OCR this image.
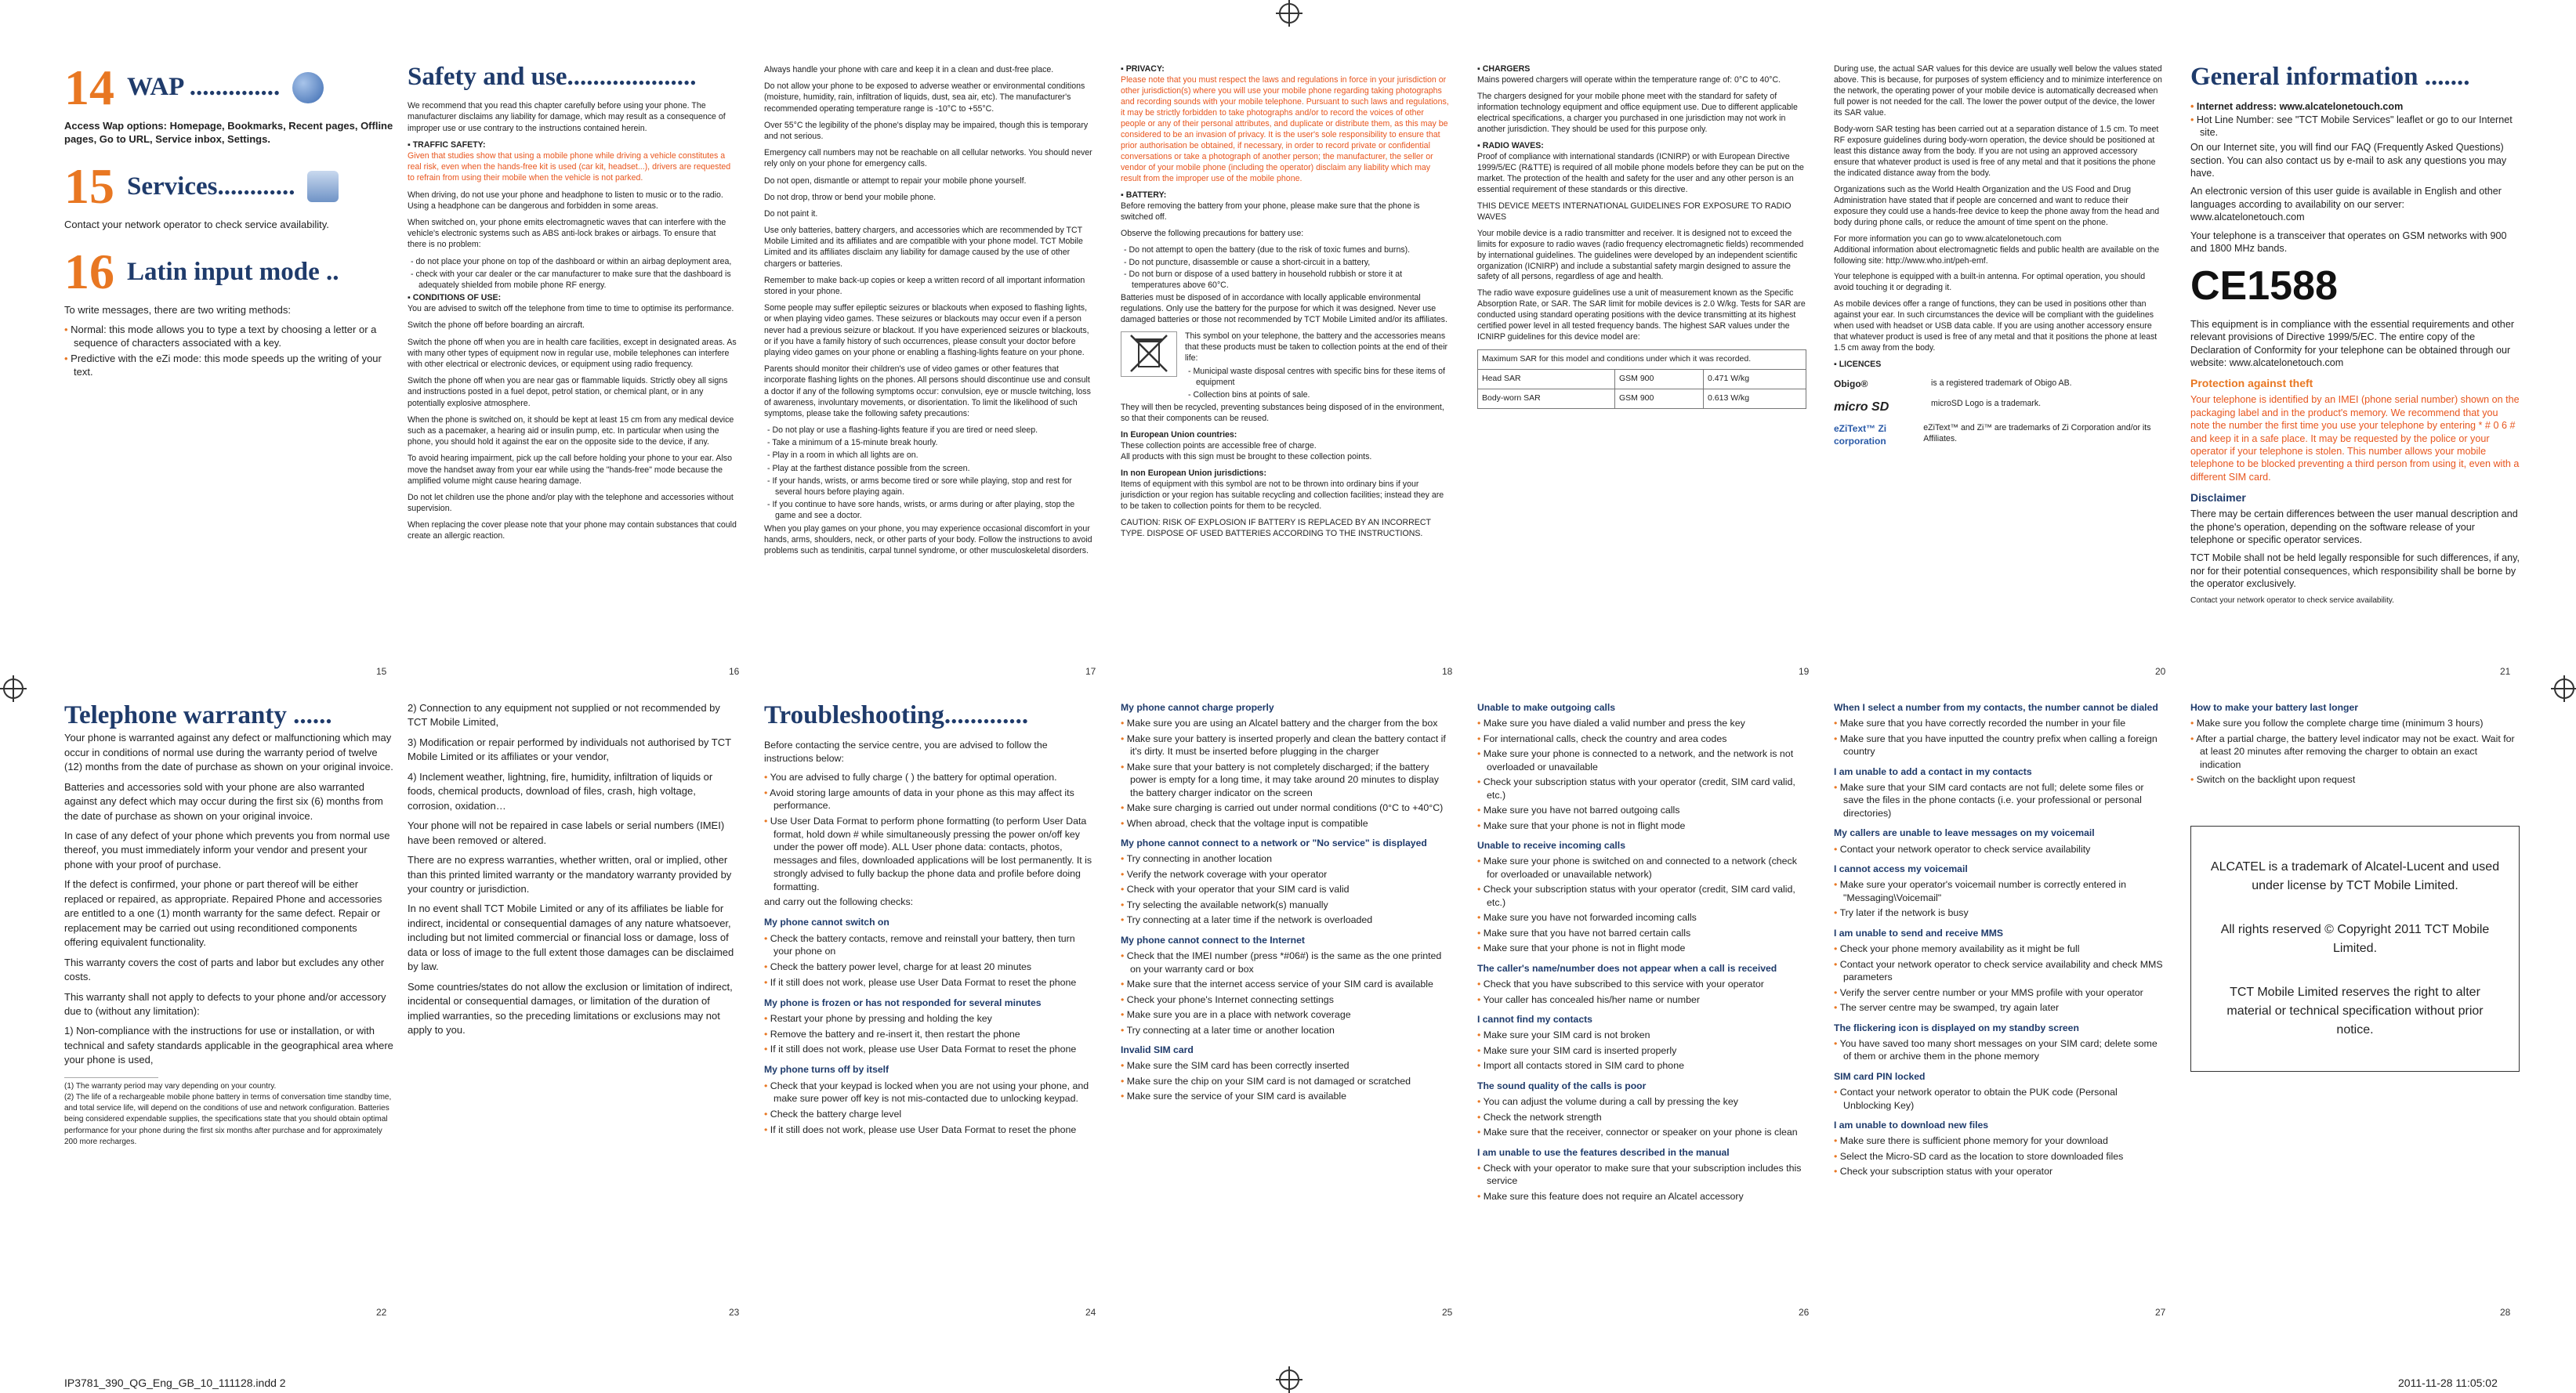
14 WAP ..............

Access Wap options: Homepage, Bookmarks, Recent pages, Offline pages, Go to URL, Service inbox, Settings.

15 Services............

Contact your network operator to check service availability.

16 Latin input mode ..

To write messages, there are two writing methods:

• Normal: this mode allows you to type a text by choosing a letter or a sequence of characters associated with a key.

• Predictive with the eZi mode: this mode speeds up the writing of your text.

15
Safety and use....................

We recommend that you read this chapter carefully before using your phone. The manufacturer disclaims any liability for damage, which may result as a consequence of improper use or use contrary to the instructions contained herein.

▪ TRAFFIC SAFETY:

Given that studies show that using a mobile phone while driving a vehicle constitutes a real risk, even when the hands-free kit is used (car kit, headset...), drivers are requested to refrain from using their mobile when the vehicle is not parked.

When driving, do not use your phone and headphone to listen to music or to the radio. Using a headphone can be dangerous and forbidden in some areas.

When switched on, your phone emits electromagnetic waves that can interfere with the vehicle's electronic systems such as ABS anti-lock brakes or airbags. To ensure that there is no problem:

- do not place your phone on top of the dashboard or within an airbag deployment area,

- check with your car dealer or the car manufacturer to make sure that the dashboard is adequately shielded from mobile phone RF energy.

▪ CONDITIONS OF USE:

You are advised to switch off the telephone from time to time to optimise its performance.

Switch the phone off before boarding an aircraft.

Switch the phone off when you are in health care facilities, except in designated areas. As with many other types of equipment now in regular use, mobile telephones can interfere with other electrical or electronic devices, or equipment using radio frequency.

Switch the phone off when you are near gas or flammable liquids. Strictly obey all signs and instructions posted in a fuel depot, petrol station, or chemical plant, or in any potentially explosive atmosphere.

When the phone is switched on, it should be kept at least 15 cm from any medical device such as a pacemaker, a hearing aid or insulin pump, etc. In particular when using the phone, you should hold it against the ear on the opposite side to the device, if any.

To avoid hearing impairment, pick up the call before holding your phone to your ear. Also move the handset away from your ear while using the "hands-free" mode because the amplified volume might cause hearing damage.

Do not let children use the phone and/or play with the telephone and accessories without supervision.

When replacing the cover please note that your phone may contain substances that could create an allergic reaction.

16

Always handle your phone with care and keep it in a clean and dust-free place.

Do not allow your phone to be exposed to adverse weather or environmental conditions (moisture, humidity, rain, infiltration of liquids, dust, sea air, etc). The manufacturer's recommended operating temperature range is -10°C to +55°C.

Over 55°C the legibility of the phone's display may be impaired, though this is temporary and not serious.

Emergency call numbers may not be reachable on all cellular networks. You should never rely only on your phone for emergency calls.

Do not open, dismantle or attempt to repair your mobile phone yourself.

Do not drop, throw or bend your mobile phone.

Do not paint it.

Use only batteries, battery chargers, and accessories which are recommended by TCT Mobile Limited and its affiliates and are compatible with your phone model. TCT Mobile Limited and its affiliates disclaim any liability for damage caused by the use of other chargers or batteries.

Remember to make back-up copies or keep a written record of all important information stored in your phone.

Some people may suffer epileptic seizures or blackouts when exposed to flashing lights, or when playing video games. These seizures or blackouts may occur even if a person never had a previous seizure or blackout. If you have experienced seizures or blackouts, or if you have a family history of such occurrences, please consult your doctor before playing video games on your phone or enabling a flashing-lights feature on your phone.

Parents should monitor their children's use of video games or other features that incorporate flashing lights on the phones. All persons should discontinue use and consult a doctor if any of the following symptoms occur: convulsion, eye or muscle twitching, loss of awareness, involuntary movements, or disorientation. To limit the likelihood of such symptoms, please take the following safety precautions:

- Do not play or use a flashing-lights feature if you are tired or need sleep.

- Take a minimum of a 15-minute break hourly.

- Play in a room in which all lights are on.

- Play at the farthest distance possible from the screen.

- If your hands, wrists, or arms become tired or sore while playing, stop and rest for several hours before playing again.

- If you continue to have sore hands, wrists, or arms during or after playing, stop the game and see a doctor.

When you play games on your phone, you may experience occasional discomfort in your hands, arms, shoulders, neck, or other parts of your body. Follow the instructions to avoid problems such as tendinitis, carpal tunnel syndrome, or other musculoskeletal disorders.

17

▪ PRIVACY:

Please note that you must respect the laws and regulations in force in your jurisdiction or other jurisdiction(s) where you will use your mobile phone regarding taking photographs and recording sounds with your mobile telephone. Pursuant to such laws and regulations, it may be strictly forbidden to take photographs and/or to record the voices of other people or any of their personal attributes, and duplicate or distribute them, as this may be considered to be an invasion of privacy. It is the user's sole responsibility to ensure that prior authorisation be obtained, if necessary, in order to record private or confidential conversations or take a photograph of another person; the manufacturer, the seller or vendor of your mobile phone (including the operator) disclaim any liability which may result from the improper use of the mobile phone.

▪ BATTERY:

Before removing the battery from your phone, please make sure that the phone is switched off.

Observe the following precautions for battery use:

- Do not attempt to open the battery (due to the risk of toxic fumes and burns).

- Do not puncture, disassemble or cause a short-circuit in a battery,

- Do not burn or dispose of a used battery in household rubbish or store it at temperatures above 60°C.

Batteries must be disposed of in accordance with locally applicable environmental regulations. Only use the battery for the purpose for which it was designed. Never use damaged batteries or those not recommended by TCT Mobile Limited and/or its affiliates.

This symbol on your telephone, the battery and the accessories means that these products must be taken to collection points at the end of their life:

- Municipal waste disposal centres with specific bins for these items of equipment

- Collection bins at points of sale.

They will then be recycled, preventing substances being disposed of in the environment, so that their components can be reused.

In European Union countries:

These collection points are accessible free of charge.

All products with this sign must be brought to these collection points.

In non European Union jurisdictions:

Items of equipment with this symbol are not to be thrown into ordinary bins if your jurisdiction or your region has suitable recycling and collection facilities; instead they are to be taken to collection points for them to be recycled.

CAUTION: RISK OF EXPLOSION IF BATTERY IS REPLACED BY AN INCORRECT TYPE. DISPOSE OF USED BATTERIES ACCORDING TO THE INSTRUCTIONS.

18

▪ CHARGERS

Mains powered chargers will operate within the temperature range of: 0°C to 40°C.

The chargers designed for your mobile phone meet with the standard for safety of information technology equipment and office equipment use. Due to different applicable electrical specifications, a charger you purchased in one jurisdiction may not work in another jurisdiction. They should be used for this purpose only.

▪ RADIO WAVES:

Proof of compliance with international standards (ICNIRP) or with European Directive 1999/5/EC (R&TTE) is required of all mobile phone models before they can be put on the market. The protection of the health and safety for the user and any other person is an essential requirement of these standards or this directive.

THIS DEVICE MEETS INTERNATIONAL GUIDELINES FOR EXPOSURE TO RADIO WAVES

Your mobile device is a radio transmitter and receiver. It is designed not to exceed the limits for exposure to radio waves (radio frequency electromagnetic fields) recommended by international guidelines. The guidelines were developed by an independent scientific organization (ICNIRP) and include a substantial safety margin designed to assure the safety of all persons, regardless of age and health.

The radio wave exposure guidelines use a unit of measurement known as the Specific Absorption Rate, or SAR. The SAR limit for mobile devices is 2.0 W/kg. Tests for SAR are conducted using standard operating positions with the device transmitting at its highest certified power level in all tested frequency bands. The highest SAR values under the ICNIRP guidelines for this device model are:

Maximum SAR for this model and conditions under which it was recorded.		
Head SAR	GSM 900	0.471 W/kg
Body-worn SAR	GSM 900	0.613 W/kg
19

During use, the actual SAR values for this device are usually well below the values stated above. This is because, for purposes of system efficiency and to minimize interference on the network, the operating power of your mobile device is automatically decreased when full power is not needed for the call. The lower the power output of the device, the lower its SAR value.

Body-worn SAR testing has been carried out at a separation distance of 1.5 cm. To meet RF exposure guidelines during body-worn operation, the device should be positioned at least this distance away from the body. If you are not using an approved accessory ensure that whatever product is used is free of any metal and that it positions the phone the indicated distance away from the body.

Organizations such as the World Health Organization and the US Food and Drug Administration have stated that if people are concerned and want to reduce their exposure they could use a hands-free device to keep the phone away from the head and body during phone calls, or reduce the amount of time spent on the phone.

For more information you can go to www.alcatelonetouch.com

Additional information about electromagnetic fields and public health are available on the following site: http://www.who.int/peh-emf.

Your telephone is equipped with a built-in antenna. For optimal operation, you should avoid touching it or degrading it.

As mobile devices offer a range of functions, they can be used in positions other than against your ear. In such circumstances the device will be compliant with the guidelines when used with headset or USB data cable. If you are using another accessory ensure that whatever product is used is free of any metal and that it positions the phone at least 1.5 cm away from the body.

▪ LICENCES

Obigo®	is a registered trademark of Obigo AB.
micro SD	microSD Logo is a trademark.
eZiText™ Zi corporation
eZiText™ and Zi™ are trademarks of Zi Corporation and/or its Affiliates.
20
General information .......

• Internet address: www.alcatelonetouch.com

• Hot Line Number: see "TCT Mobile Services" leaflet or go to our Internet site.

On our Internet site, you will find our FAQ (Frequently Asked Questions) section. You can also contact us by e-mail to ask any questions you may have.

An electronic version of this user guide is available in English and other languages according to availability on our server: www.alcatelonetouch.com

Your telephone is a transceiver that operates on GSM networks with 900 and 1800 MHz bands.

CE1588

This equipment is in compliance with the essential requirements and other relevant provisions of Directive 1999/5/EC. The entire copy of the Declaration of Conformity for your telephone can be obtained through our website: www.alcatelonetouch.com

Protection against theft

Your telephone is identified by an IMEI (phone serial number) shown on the packaging label and in the product's memory. We recommend that you note the number the first time you use your telephone by entering * # 0 6 # and keep it in a safe place. It may be requested by the police or your operator if your telephone is stolen. This number allows your mobile telephone to be blocked preventing a third person from using it, even with a different SIM card.

Disclaimer

There may be certain differences between the user manual description and the phone's operation, depending on the software release of your telephone or specific operator services.

TCT Mobile shall not be held legally responsible for such differences, if any, nor for their potential consequences, which responsibility shall be borne by the operator exclusively.

Contact your network operator to check service availability.

21
Telephone warranty ......

Your phone is warranted against any defect or malfunctioning which may occur in conditions of normal use during the warranty period of twelve (12) months from the date of purchase as shown on your original invoice.

Batteries and accessories sold with your phone are also warranted against any defect which may occur during the first six (6) months from the date of purchase as shown on your original invoice.

In case of any defect of your phone which prevents you from normal use thereof, you must immediately inform your vendor and present your phone with your proof of purchase.

If the defect is confirmed, your phone or part thereof will be either replaced or repaired, as appropriate. Repaired Phone and accessories are entitled to a one (1) month warranty for the same defect. Repair or replacement may be carried out using reconditioned components offering equivalent functionality.

This warranty covers the cost of parts and labor but excludes any other costs.

This warranty shall not apply to defects to your phone and/or accessory due to (without any limitation):

1) Non-compliance with the instructions for use or installation, or with technical and safety standards applicable in the geographical area where your phone is used,

(1) The warranty period may vary depending on your country.

(2) The life of a rechargeable mobile phone battery in terms of conversation time standby time, and total service life, will depend on the conditions of use and network configuration. Batteries being considered expendable supplies, the specifications state that you should obtain optimal performance for your phone during the first six months after purchase and for approximately 200 more recharges.

22

2) Connection to any equipment not supplied or not recommended by TCT Mobile Limited,

3) Modification or repair performed by individuals not authorised by TCT Mobile Limited or its affiliates or your vendor,

4) Inclement weather, lightning, fire, humidity, infiltration of liquids or foods, chemical products, download of files, crash, high voltage, corrosion, oxidation…

Your phone will not be repaired in case labels or serial numbers (IMEI) have been removed or altered.

There are no express warranties, whether written, oral or implied, other than this printed limited warranty or the mandatory warranty provided by your country or jurisdiction.

In no event shall TCT Mobile Limited or any of its affiliates be liable for indirect, incidental or consequential damages of any nature whatsoever, including but not limited commercial or financial loss or damage, loss of data or loss of image to the full extent those damages can be disclaimed by law.

Some countries/states do not allow the exclusion or limitation of indirect, incidental or consequential damages, or limitation of the duration of implied warranties, so the preceding limitations or exclusions may not apply to you.

23
Troubleshooting.............

Before contacting the service centre, you are advised to follow the instructions below:

• You are advised to fully charge ( ) the battery for optimal operation.

• Avoid storing large amounts of data in your phone as this may affect its performance.

• Use User Data Format to perform phone formatting (to perform User Data format, hold down # while simultaneously pressing the power on/off key under the power off mode). ALL User phone data: contacts, photos, messages and files, downloaded applications will be lost permanently. It is strongly advised to fully backup the phone data and profile before doing formatting.

and carry out the following checks:

My phone cannot switch on

• Check the battery contacts, remove and reinstall your battery, then turn your phone on

• Check the battery power level, charge for at least 20 minutes

• If it still does not work, please use User Data Format to reset the phone

My phone is frozen or has not responded for several minutes

• Restart your phone by pressing and holding the key

• Remove the battery and re-insert it, then restart the phone

• If it still does not work, please use User Data Format to reset the phone

My phone turns off by itself

• Check that your keypad is locked when you are not using your phone, and make sure power off key is not mis-contacted due to unlocking keypad.

• Check the battery charge level

• If it still does not work, please use User Data Format to reset the phone

24

My phone cannot charge properly

• Make sure you are using an Alcatel battery and the charger from the box

• Make sure your battery is inserted properly and clean the battery contact if it's dirty. It must be inserted before plugging in the charger

• Make sure that your battery is not completely discharged; if the battery power is empty for a long time, it may take around 20 minutes to display the battery charger indicator on the screen

• Make sure charging is carried out under normal conditions (0°C to +40°C)

• When abroad, check that the voltage input is compatible

My phone cannot connect to a network or "No service" is displayed

• Try connecting in another location

• Verify the network coverage with your operator

• Check with your operator that your SIM card is valid

• Try selecting the available network(s) manually

• Try connecting at a later time if the network is overloaded

My phone cannot connect to the Internet

• Check that the IMEI number (press *#06#) is the same as the one printed on your warranty card or box

• Make sure that the internet access service of your SIM card is available

• Check your phone's Internet connecting settings

• Make sure you are in a place with network coverage

• Try connecting at a later time or another location

Invalid SIM card

• Make sure the SIM card has been correctly inserted

• Make sure the chip on your SIM card is not damaged or scratched

• Make sure the service of your SIM card is available

25

Unable to make outgoing calls

• Make sure you have dialed a valid number and press the key

• For international calls, check the country and area codes

• Make sure your phone is connected to a network, and the network is not overloaded or unavailable

• Check your subscription status with your operator (credit, SIM card valid, etc.)

• Make sure you have not barred outgoing calls

• Make sure that your phone is not in flight mode

Unable to receive incoming calls

• Make sure your phone is switched on and connected to a network (check for overloaded or unavailable network)

• Check your subscription status with your operator (credit, SIM card valid, etc.)

• Make sure you have not forwarded incoming calls

• Make sure that you have not barred certain calls

• Make sure that your phone is not in flight mode

The caller's name/number does not appear when a call is received

• Check that you have subscribed to this service with your operator

• Your caller has concealed his/her name or number

I cannot find my contacts

• Make sure your SIM card is not broken

• Make sure your SIM card is inserted properly

• Import all contacts stored in SIM card to phone

The sound quality of the calls is poor

• You can adjust the volume during a call by pressing the key

• Check the network strength

• Make sure that the receiver, connector or speaker on your phone is clean

I am unable to use the features described in the manual

• Check with your operator to make sure that your subscription includes this service

• Make sure this feature does not require an Alcatel accessory

26

When I select a number from my contacts, the number cannot be dialed

• Make sure that you have correctly recorded the number in your file

• Make sure that you have inputted the country prefix when calling a foreign country

I am unable to add a contact in my contacts

• Make sure that your SIM card contacts are not full; delete some files or save the files in the phone contacts (i.e. your professional or personal directories)

My callers are unable to leave messages on my voicemail

• Contact your network operator to check service availability

I cannot access my voicemail

• Make sure your operator's voicemail number is correctly entered in "Messaging\Voicemail"

• Try later if the network is busy

I am unable to send and receive MMS

• Check your phone memory availability as it might be full

• Contact your network operator to check service availability and check MMS parameters

• Verify the server centre number or your MMS profile with your operator

• The server centre may be swamped, try again later

The flickering icon is displayed on my standby screen

• You have saved too many short messages on your SIM card; delete some of them or archive them in the phone memory

SIM card PIN locked

• Contact your network operator to obtain the PUK code (Personal Unblocking Key)

I am unable to download new files

• Make sure there is sufficient phone memory for your download

• Select the Micro-SD card as the location to store downloaded files

• Check your subscription status with your operator

27

How to make your battery last longer

• Make sure you follow the complete charge time (minimum 3 hours)

• After a partial charge, the battery level indicator may not be exact. Wait for at least 20 minutes after removing the charger to obtain an exact indication

• Switch on the backlight upon request

ALCATEL is a trademark of Alcatel-Lucent and used under license by TCT Mobile Limited.

All rights reserved © Copyright 2011 TCT Mobile Limited.

TCT Mobile Limited reserves the right to alter material or technical specification without prior notice.

28
IP3781_390_QG_Eng_GB_10_111128.indd 2	2011-11-28 11:05:02
